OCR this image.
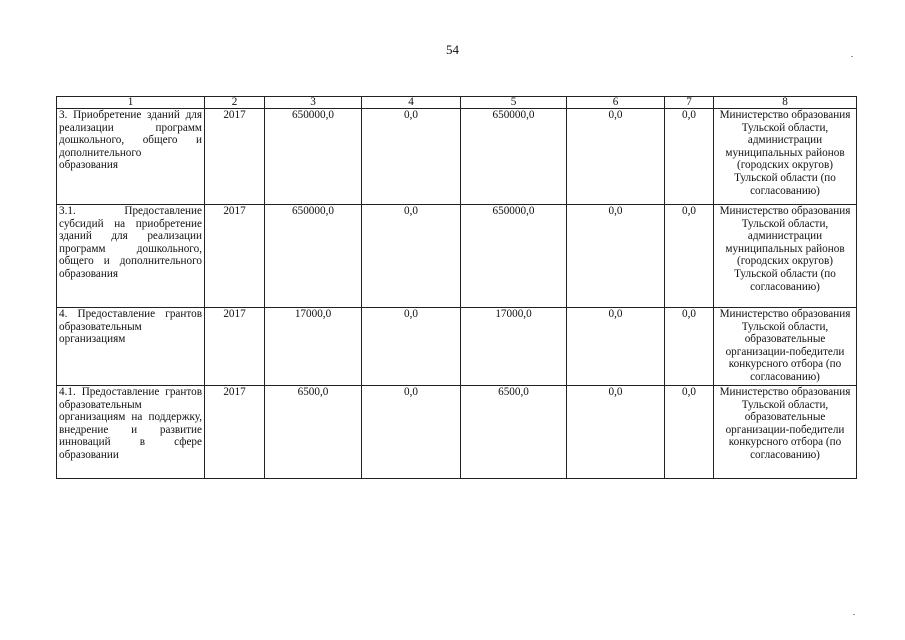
54
1	2	3	4	5	6	7	8
3. Приобретение зданий для реализации программ дошкольного, общего и дополнительного образования	2017	650000,0	0,0	650000,0	0,0	0,0	Министерство образования Тульской области, администрации муниципальных районов (городских округов) Тульской области (по согласованию)
3.1. Предоставление субсидий на приобретение зданий для реализации программ дошкольного, общего и дополнительного образования	2017	650000,0	0,0	650000,0	0,0	0,0	Министерство образования Тульской области, администрации муниципальных районов (городских округов) Тульской области (по согласованию)
4. Предоставление грантов образовательным организациям	2017	17000,0	0,0	17000,0	0,0	0,0	Министерство образования Тульской области, образовательные организации-победители конкурсного отбора (по согласованию)
4.1. Предоставление грантов образовательным организациям на поддержку, внедрение и развитие инноваций в сфере образовании	2017	6500,0	0,0	6500,0	0,0	0,0	Министерство образования Тульской области, образовательные организации-победители конкурсного отбора (по согласованию)
